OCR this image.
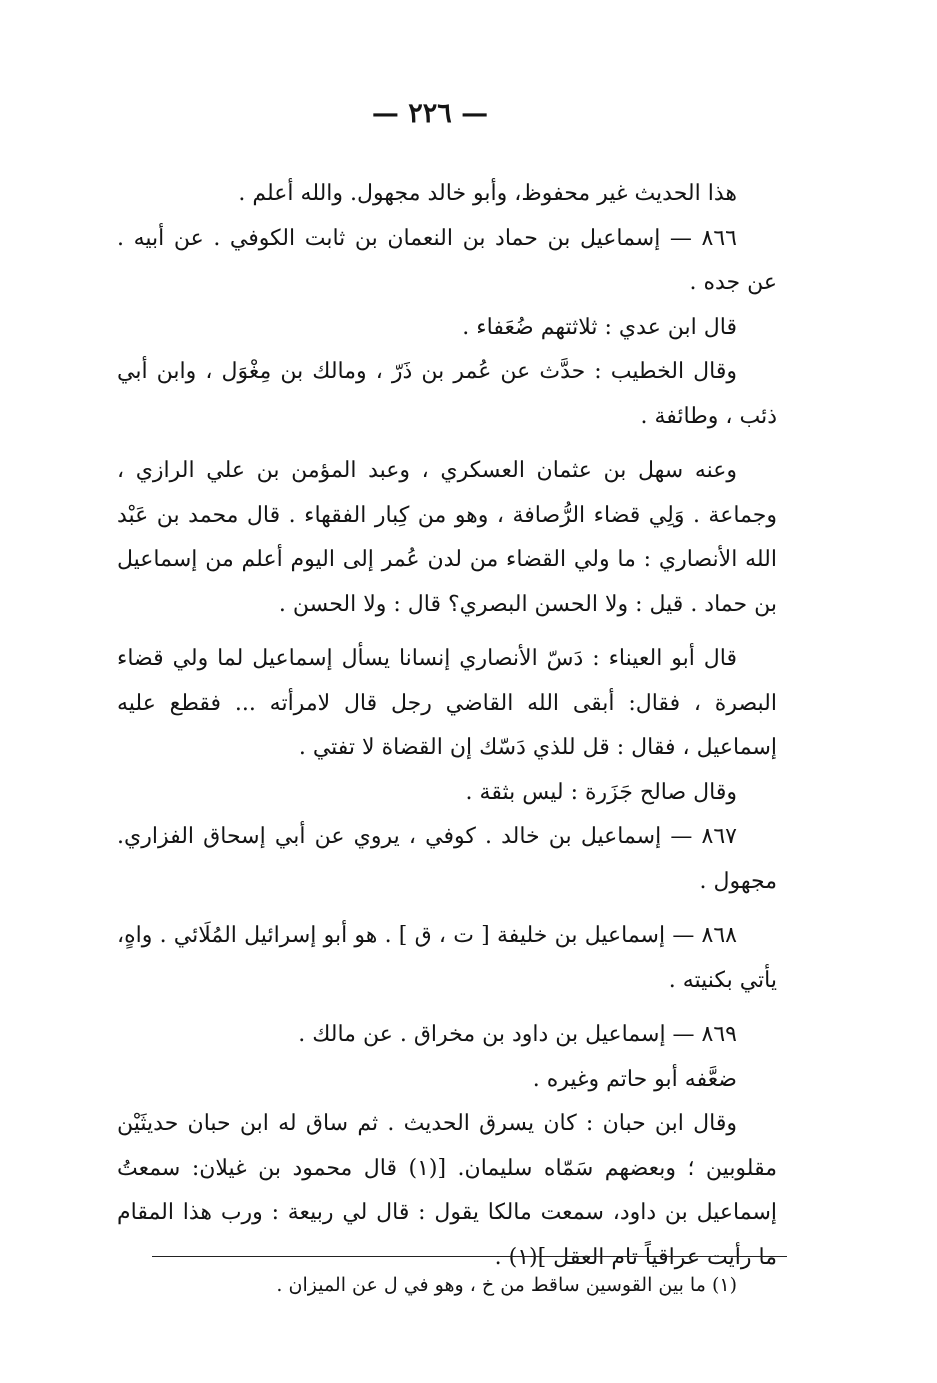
— ٢٢٦ —

هذا الحديث غير محفوظ، وأبو خالد مجهول. والله أعلم .

٨٦٦ — إسماعيل بن حماد بن النعمان بن ثابت الكوفي . عن أبيه . عن جده .

قال ابن عدي : ثلاثتهم ضُعَفاء .

وقال الخطيب : حدَّث عن عُمر بن ذَرّ ، ومالك بن مِغْوَل ، وابن أبي ذئب ، وطائفة .

وعنه سهل بن عثمان العسكري ، وعبد المؤمن بن علي الرازي ، وجماعة . وَلِي قضاء الرُّصافة ، وهو من كِبار الفقهاء . قال محمد بن عَبْد الله الأنصاري : ما ولي القضاء من لدن عُمر إلى اليوم أعلم من إسماعيل بن حماد . قيل : ولا الحسن البصري؟ قال : ولا الحسن .

قال أبو العيناء : دَسّ الأنصاري إنسانا يسأل إسماعيل لما ولي قضاء البصرة ، فقال: أبقى الله القاضي رجل قال لامرأته ... فقطع عليه إسماعيل ، فقال : قل للذي دَسّك إن القضاة لا تفتي .

وقال صالح جَزَرة : ليس بثقة .

٨٦٧ — إسماعيل بن خالد . كوفي ، يروي عن أبي إسحاق الفزاري. مجهول .

٨٦٨ — إسماعيل بن خليفة [ ت ، ق ] . هو أبو إسرائيل المُلَائي . واهٍ، يأتي بكنيته .

٨٦٩ — إسماعيل بن داود بن مخراق . عن مالك .

ضعَّفه أبو حاتم وغيره .

وقال ابن حبان : كان يسرق الحديث . ثم ساق له ابن حبان حديثَيْن مقلوبين ؛ وبعضهم سَمّاه سليمان. [(١) قال محمود بن غيلان: سمعتُ إسماعيل بن داود، سمعت مالكا يقول : قال لي ربيعة : ورب هذا المقام ما رأيت عراقياً تام العقل ](١) .

(١) ما بين القوسين ساقط من خ ، وهو في ل عن الميزان .
